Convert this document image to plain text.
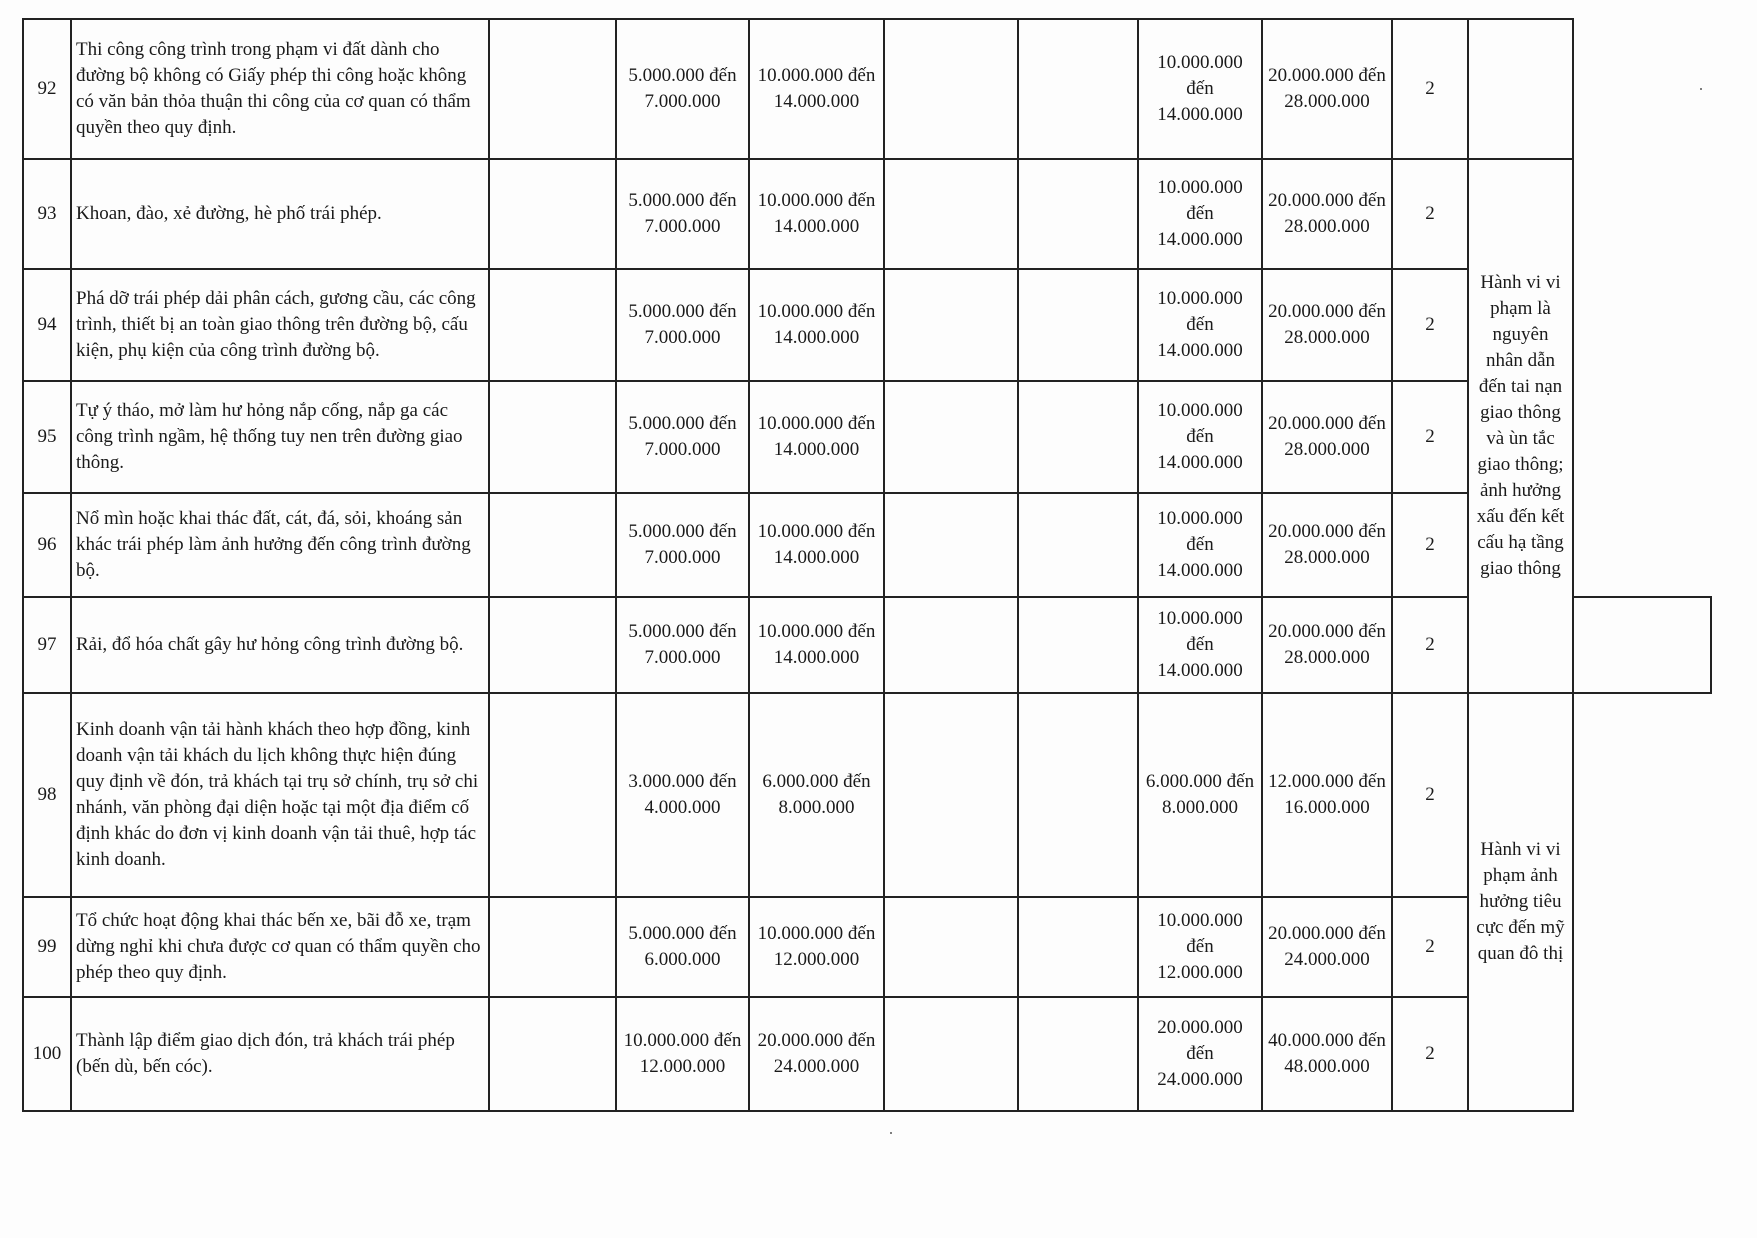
92	Thi công công trình trong phạm vi đất dành cho đường bộ không có Giấy phép thi công hoặc không có văn bản thỏa thuận thi công của cơ quan có thẩm quyền theo quy định.		5.000.000 đến 7.000.000	10.000.000 đến 14.000.000			10.000.000 đến 14.000.000	20.000.000 đến 28.000.000	2		
93	Khoan, đào, xẻ đường, hè phố trái phép.		5.000.000 đến 7.000.000	10.000.000 đến 14.000.000			10.000.000 đến 14.000.000	20.000.000 đến 28.000.000	2	Hành vi vi phạm là nguyên nhân dẫn đến tai nạn giao thông và ùn tắc giao thông; ảnh hưởng xấu đến kết cấu hạ tầng giao thông	
94	Phá dỡ trái phép dải phân cách, gương cầu, các công trình, thiết bị an toàn giao thông trên đường bộ, cấu kiện, phụ kiện của công trình đường bộ.		5.000.000 đến 7.000.000	10.000.000 đến 14.000.000			10.000.000 đến 14.000.000	20.000.000 đến 28.000.000	2		
95	Tự ý tháo, mở làm hư hỏng nắp cống, nắp ga các công trình ngầm, hệ thống tuy nen trên đường giao thông.		5.000.000 đến 7.000.000	10.000.000 đến 14.000.000			10.000.000 đến 14.000.000	20.000.000 đến 28.000.000	2		
96	Nổ mìn hoặc khai thác đất, cát, đá, sỏi, khoáng sản khác trái phép làm ảnh hưởng đến công trình đường bộ.		5.000.000 đến 7.000.000	10.000.000 đến 14.000.000			10.000.000 đến 14.000.000	20.000.000 đến 28.000.000	2		
97	Rải, đổ hóa chất gây hư hỏng công trình đường bộ.		5.000.000 đến 7.000.000	10.000.000 đến 14.000.000			10.000.000 đến 14.000.000	20.000.000 đến 28.000.000	2		
98	Kinh doanh vận tải hành khách theo hợp đồng, kinh doanh vận tải khách du lịch không thực hiện đúng quy định về đón, trả khách tại trụ sở chính, trụ sở chi nhánh, văn phòng đại diện hoặc tại một địa điểm cố định khác do đơn vị kinh doanh vận tải thuê, hợp tác kinh doanh.		3.000.000 đến 4.000.000	6.000.000 đến 8.000.000			6.000.000 đến 8.000.000	12.000.000 đến 16.000.000	2	Hành vi vi phạm ảnh hưởng tiêu cực đến mỹ quan đô thị	
99	Tổ chức hoạt động khai thác bến xe, bãi đỗ xe, trạm dừng nghỉ khi chưa được cơ quan có thẩm quyền cho phép theo quy định.		5.000.000 đến 6.000.000	10.000.000 đến 12.000.000			10.000.000 đến 12.000.000	20.000.000 đến 24.000.000	2		
100	Thành lập điểm giao dịch đón, trả khách trái phép (bến dù, bến cóc).		10.000.000 đến 12.000.000	20.000.000 đến 24.000.000			20.000.000 đến 24.000.000	40.000.000 đến 48.000.000	2		
